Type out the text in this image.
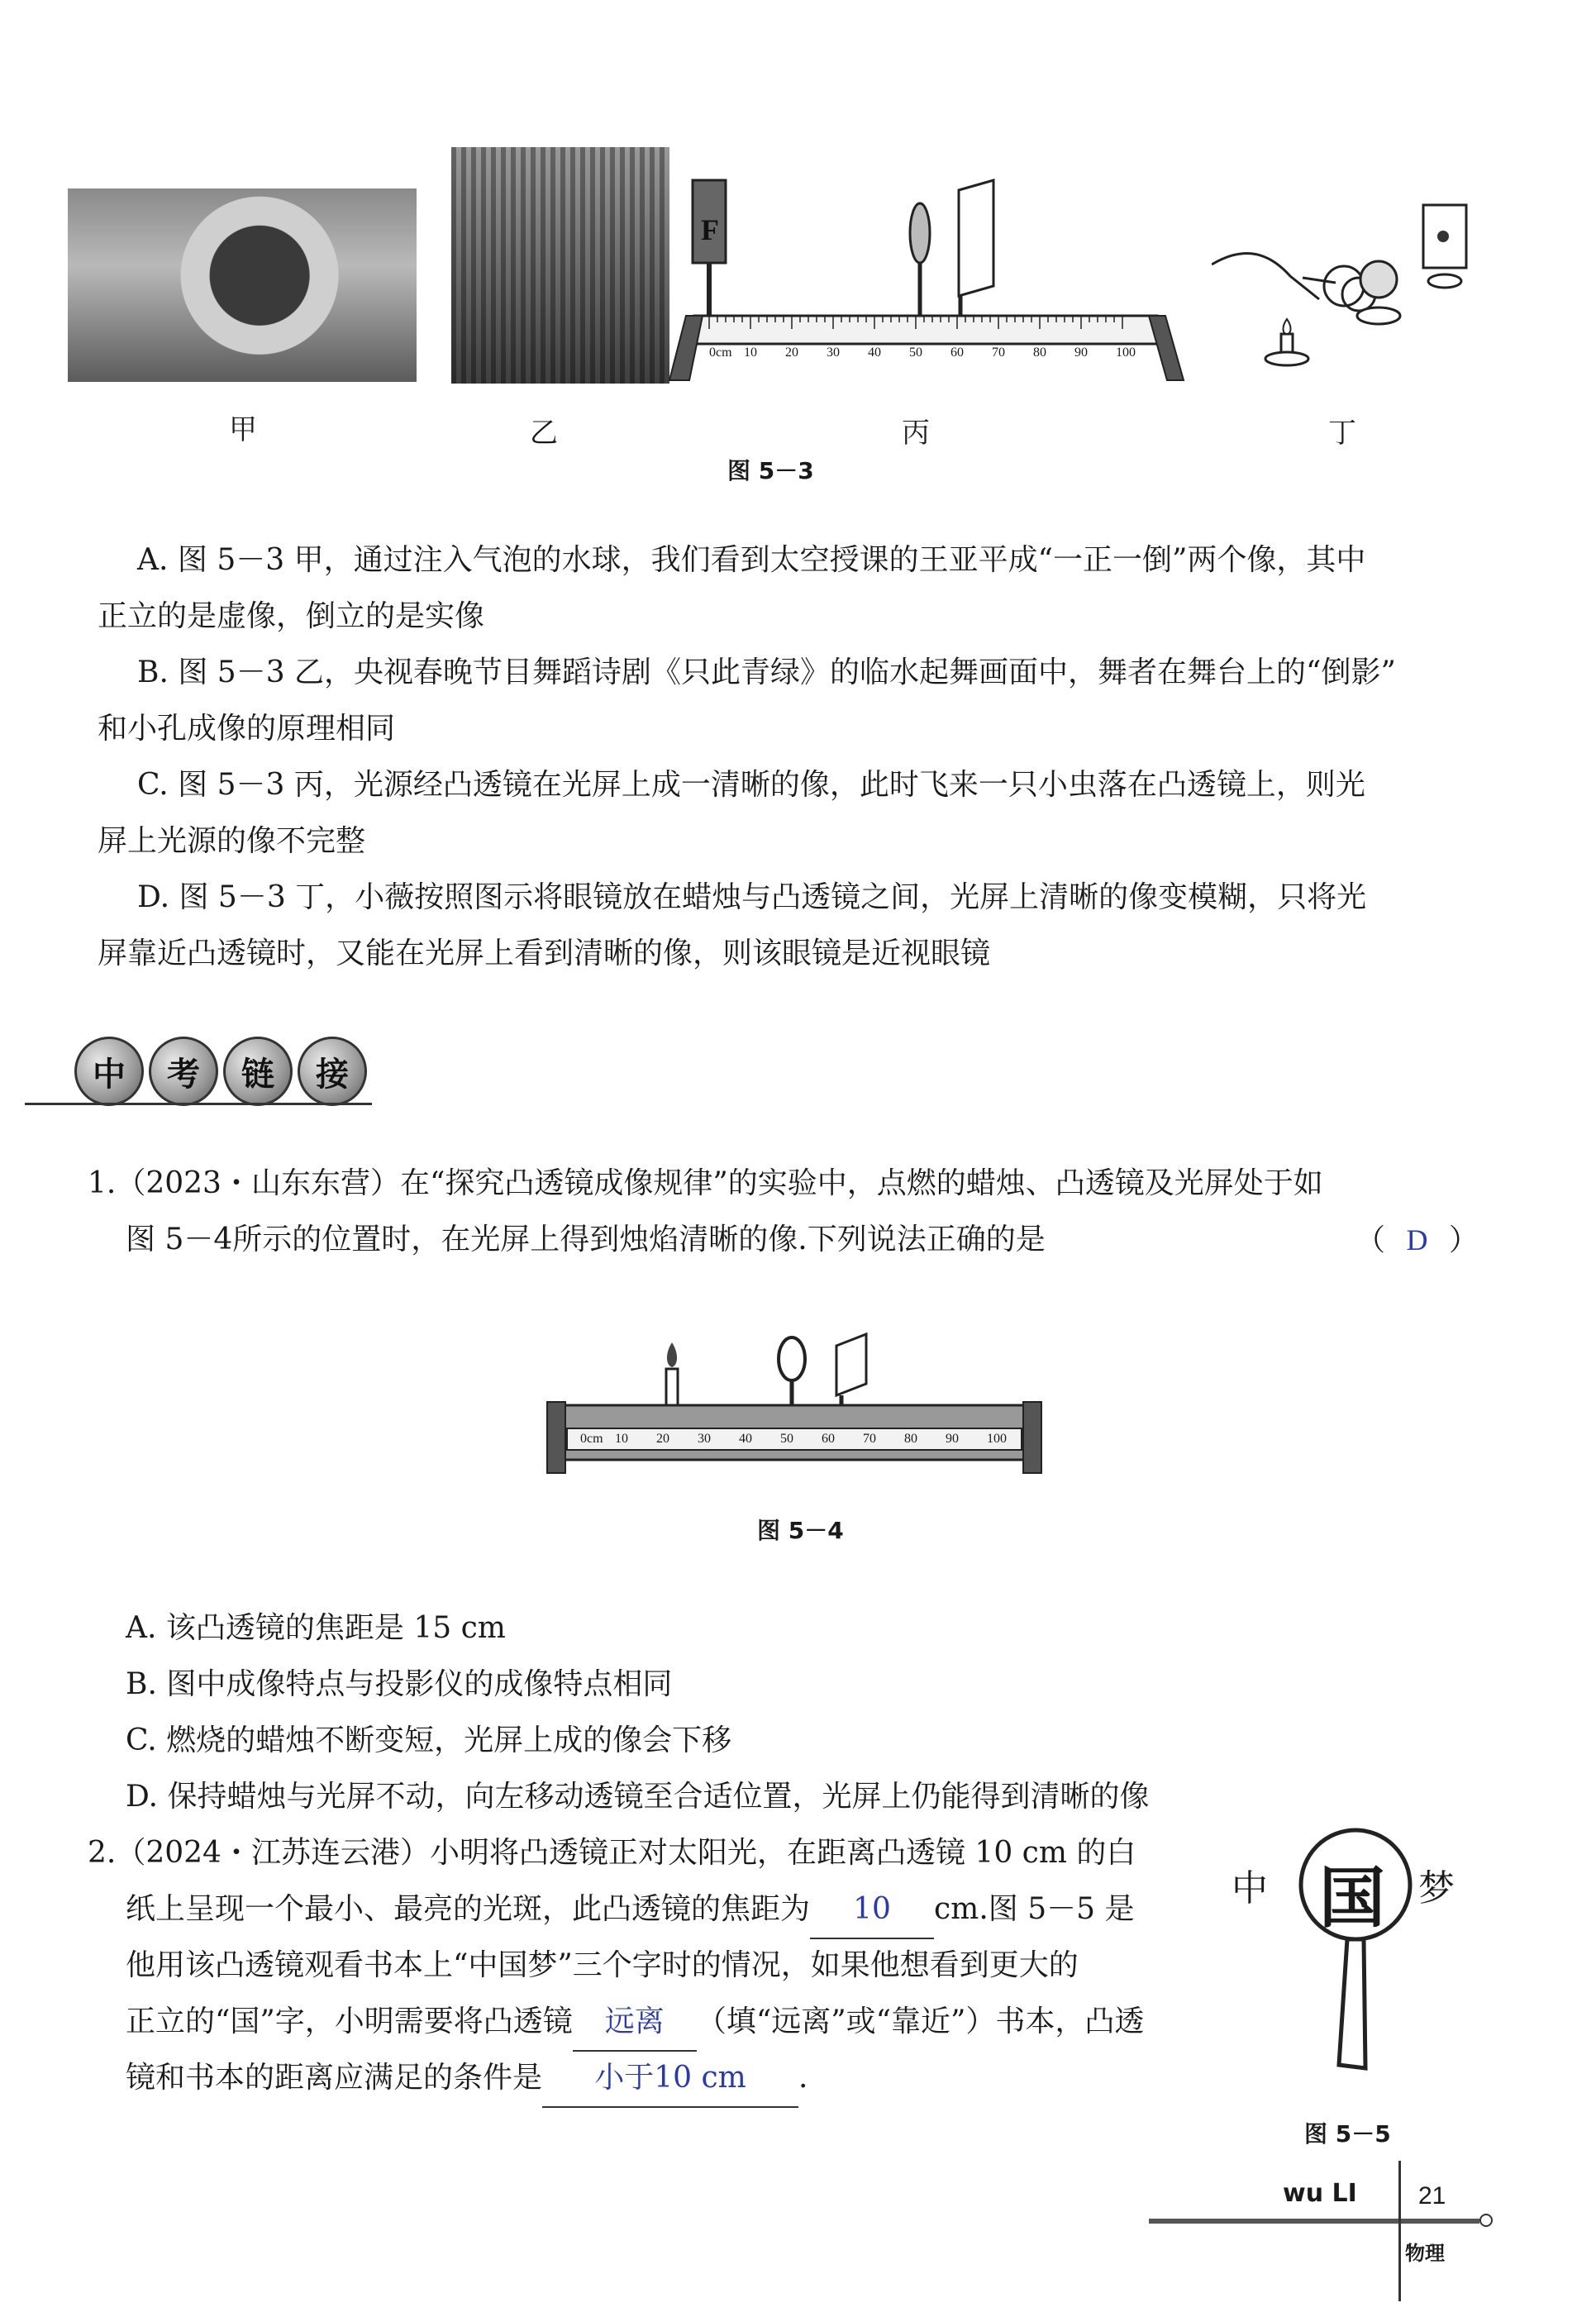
F
0cm 10 20 30 40 50 60 70 80 90 100
甲	乙	丙	丁
图 5－3
A. 图 5－3 甲，通过注入气泡的水球，我们看到太空授课的王亚平成“一正一倒”两个像，其中
正立的是虚像，倒立的是实像
B. 图 5－3 乙，央视春晚节目舞蹈诗剧《只此青绿》的临水起舞画面中，舞者在舞台上的“倒影”
和小孔成像的原理相同
C. 图 5－3 丙，光源经凸透镜在光屏上成一清晰的像，此时飞来一只小虫落在凸透镜上，则光
屏上光源的像不完整
D. 图 5－3 丁，小薇按照图示将眼镜放在蜡烛与凸透镜之间，光屏上清晰的像变模糊，只将光
屏靠近凸透镜时，又能在光屏上看到清晰的像，则该眼镜是近视眼镜
中	考	链	接
1.（2023・山东东营）在“探究凸透镜成像规律”的实验中，点燃的蜡烛、凸透镜及光屏处于如
图 5－4所示的位置时，在光屏上得到烛焰清晰的像.下列说法正确的是	（ D ）
0cm 10 20 30 40 50 60 70 80 90 100
图 5－4
A. 该凸透镜的焦距是 15 cm
B. 图中成像特点与投影仪的成像特点相同
C. 燃烧的蜡烛不断变短，光屏上成的像会下移
D. 保持蜡烛与光屏不动，向左移动透镜至合适位置，光屏上仍能得到清晰的像
2.（2024・江苏连云港）小明将凸透镜正对太阳光，在距离凸透镜 10 cm 的白
纸上呈现一个最小、最亮的光斑，此凸透镜的焦距为 10 cm.图 5－5 是
他用该凸透镜观看书本上“中国梦”三个字时的情况，如果他想看到更大的
正立的“国”字，小明需要将凸透镜 远离 （填“远离”或“靠近”）书本，凸透
镜和书本的距离应满足的条件是 小于10 cm .
中 国 梦
图 5－5
wu LI 21
物理
